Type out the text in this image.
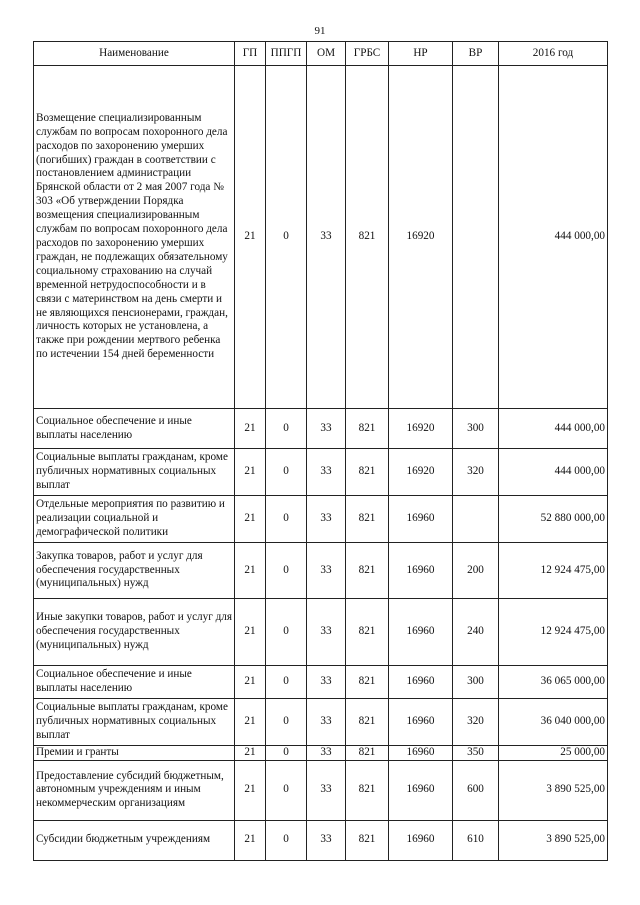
91
Наименование	ГП	ППГП	ОМ	ГРБС	НР	ВР	2016 год
Возмещение специализированным службам по вопросам похоронного дела расходов по захоронению умерших (погибших) граждан в соответствии с постановлением администрации Брянской области от 2 мая 2007 года № 303 «Об утверждении Порядка возмещения специализированным службам по вопросам похоронного дела расходов по захоронению умерших граждан, не подлежащих обязательному социальному страхованию на случай временной нетрудоспособности и в связи с материнством на день смерти и не являющихся пенсионерами, граждан, личность которых не установлена, а также при рождении мертвого ребенка по истечении 154 дней беременности	21	0	33	821	16920		444 000,00
Социальное обеспечение и иные выплаты населению	21	0	33	821	16920	300	444 000,00
Социальные выплаты гражданам, кроме публичных нормативных социальных выплат	21	0	33	821	16920	320	444 000,00
Отдельные мероприятия по развитию и реализации социальной и демографической политики	21	0	33	821	16960		52 880 000,00
Закупка товаров, работ и услуг для обеспечения государственных (муниципальных) нужд	21	0	33	821	16960	200	12 924 475,00
Иные закупки товаров, работ и услуг для обеспечения государственных (муниципальных) нужд	21	0	33	821	16960	240	12 924 475,00
Социальное обеспечение и иные выплаты населению	21	0	33	821	16960	300	36 065 000,00
Социальные выплаты гражданам, кроме публичных нормативных социальных выплат	21	0	33	821	16960	320	36 040 000,00
Премии и гранты	21	0	33	821	16960	350	25 000,00
Предоставление субсидий бюджетным, автономным учреждениям и иным некоммерческим организациям	21	0	33	821	16960	600	3 890 525,00
Субсидии бюджетным учреждениям	21	0	33	821	16960	610	3 890 525,00
